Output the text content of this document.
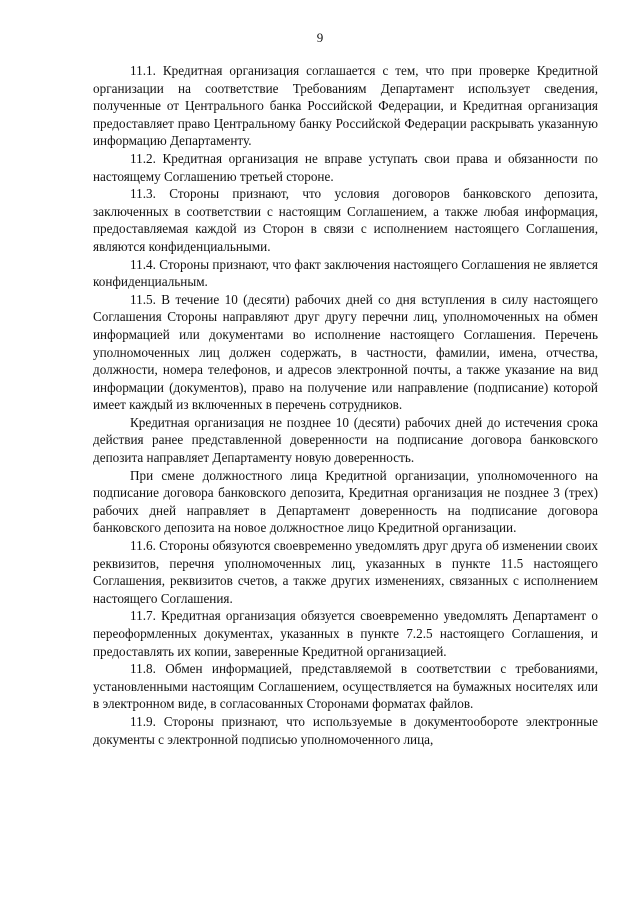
9

11.1. Кредитная организация соглашается с тем, что при проверке Кредитной организации на соответствие Требованиям Департамент использует сведения, полученные от Центрального банка Российской Федерации, и Кредитная организация предоставляет право Центральному банку Российской Федерации раскрывать указанную информацию Департаменту.

11.2. Кредитная организация не вправе уступать свои права и обязанности по настоящему Соглашению третьей стороне.

11.3. Стороны признают, что условия договоров банковского депозита, заключенных в соответствии с настоящим Соглашением, а также любая информация, предоставляемая каждой из Сторон в связи с исполнением настоящего Соглашения, являются конфиденциальными.

11.4. Стороны признают, что факт заключения настоящего Соглашения не является конфиденциальным.

11.5. В течение 10 (десяти) рабочих дней со дня вступления в силу настоящего Соглашения Стороны направляют друг другу перечни лиц, уполномоченных на обмен информацией или документами во исполнение настоящего Соглашения. Перечень уполномоченных лиц должен содержать, в частности, фамилии, имена, отчества, должности, номера телефонов, и адресов электронной почты, а также указание на вид информации (документов), право на получение или направление (подписание) которой имеет каждый из включенных в перечень сотрудников.

Кредитная организация не позднее 10 (десяти) рабочих дней до истечения срока действия ранее представленной доверенности на подписание договора банковского депозита направляет Департаменту новую доверенность.

При смене должностного лица Кредитной организации, уполномоченного на подписание договора банковского депозита, Кредитная организация не позднее 3 (трех) рабочих дней направляет в Департамент доверенность на подписание договора банковского депозита на новое должностное лицо Кредитной организации.

11.6. Стороны обязуются своевременно уведомлять друг друга об изменении своих реквизитов, перечня уполномоченных лиц, указанных в пункте 11.5 настоящего Соглашения, реквизитов счетов, а также других изменениях, связанных с исполнением настоящего Соглашения.

11.7. Кредитная организация обязуется своевременно уведомлять Департамент о переоформленных документах, указанных в пункте 7.2.5 настоящего Соглашения, и предоставлять их копии, заверенные Кредитной организацией.

11.8. Обмен информацией, представляемой в соответствии с требованиями, установленными настоящим Соглашением, осуществляется на бумажных носителях или в электронном виде, в согласованных Сторонами форматах файлов.

11.9. Стороны признают, что используемые в документообороте электронные документы с электронной подписью уполномоченного лица,
